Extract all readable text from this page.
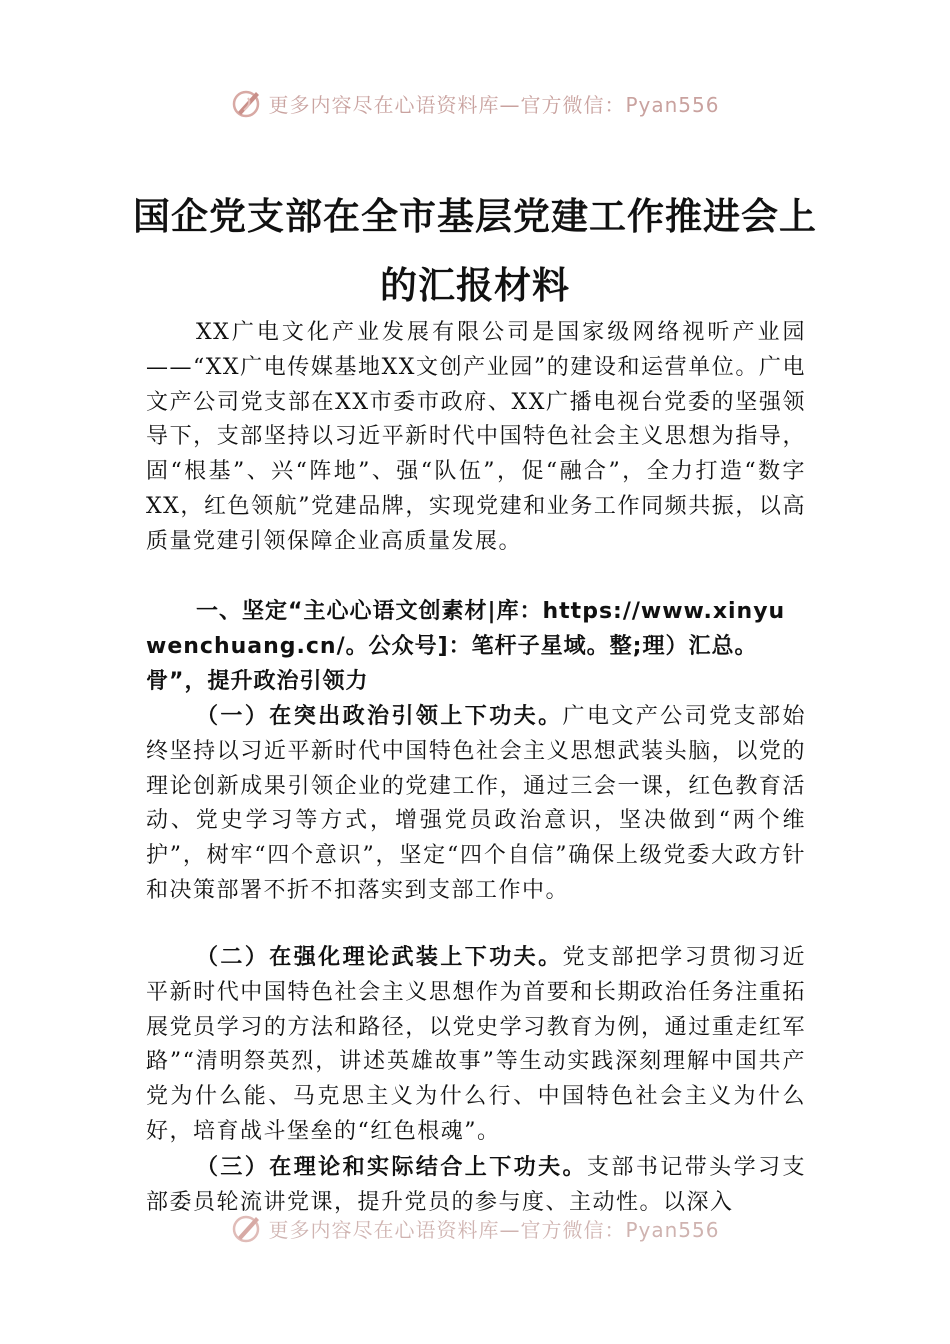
更多内容尽在心语资料库—官方微信：Pyan556
国企党支部在全市基层党建工作推进会上
的汇报材料

XX广电文化产业发展有限公司是国家级网络视听产业园——“XX广电传媒基地XX文创产业园”的建设和运营单位。广电文产公司党支部在XX市委市政府、XX广播电视台党委的坚强领导下，支部坚持以习近平新时代中国特色社会主义思想为指导，固“根基”、兴“阵地”、强“队伍”，促“融合”，全力打造“数字XX，红色领航”党建品牌，实现党建和业务工作同频共振，以高质量党建引领保障企业高质量发展。

一、坚定“主心心语文创素材|库：https://www.xinyuwenchuang.cn/。公众号]：笔杆子星域。整;理）汇总。骨”，提升政治引领力

（一）在突出政治引领上下功夫。广电文产公司党支部始终坚持以习近平新时代中国特色社会主义思想武装头脑，以党的理论创新成果引领企业的党建工作，通过三会一课，红色教育活动、党史学习等方式，增强党员政治意识，坚决做到“两个维护”，树牢“四个意识”，坚定“四个自信”确保上级党委大政方针和决策部署不折不扣落实到支部工作中。

（二）在强化理论武装上下功夫。党支部把学习贯彻习近平新时代中国特色社会主义思想作为首要和长期政治任务注重拓展党员学习的方法和路径，以党史学习教育为例，通过重走红军路”“清明祭英烈，讲述英雄故事”等生动实践深刻理解中国共产党为什么能、马克思主义为什么行、中国特色社会主义为什么好，培育战斗堡垒的“红色根魂”。

（三）在理论和实际结合上下功夫。支部书记带头学习支部委员轮流讲党课，提升党员的参与度、主动性。以深入

更多内容尽在心语资料库—官方微信：Pyan556
